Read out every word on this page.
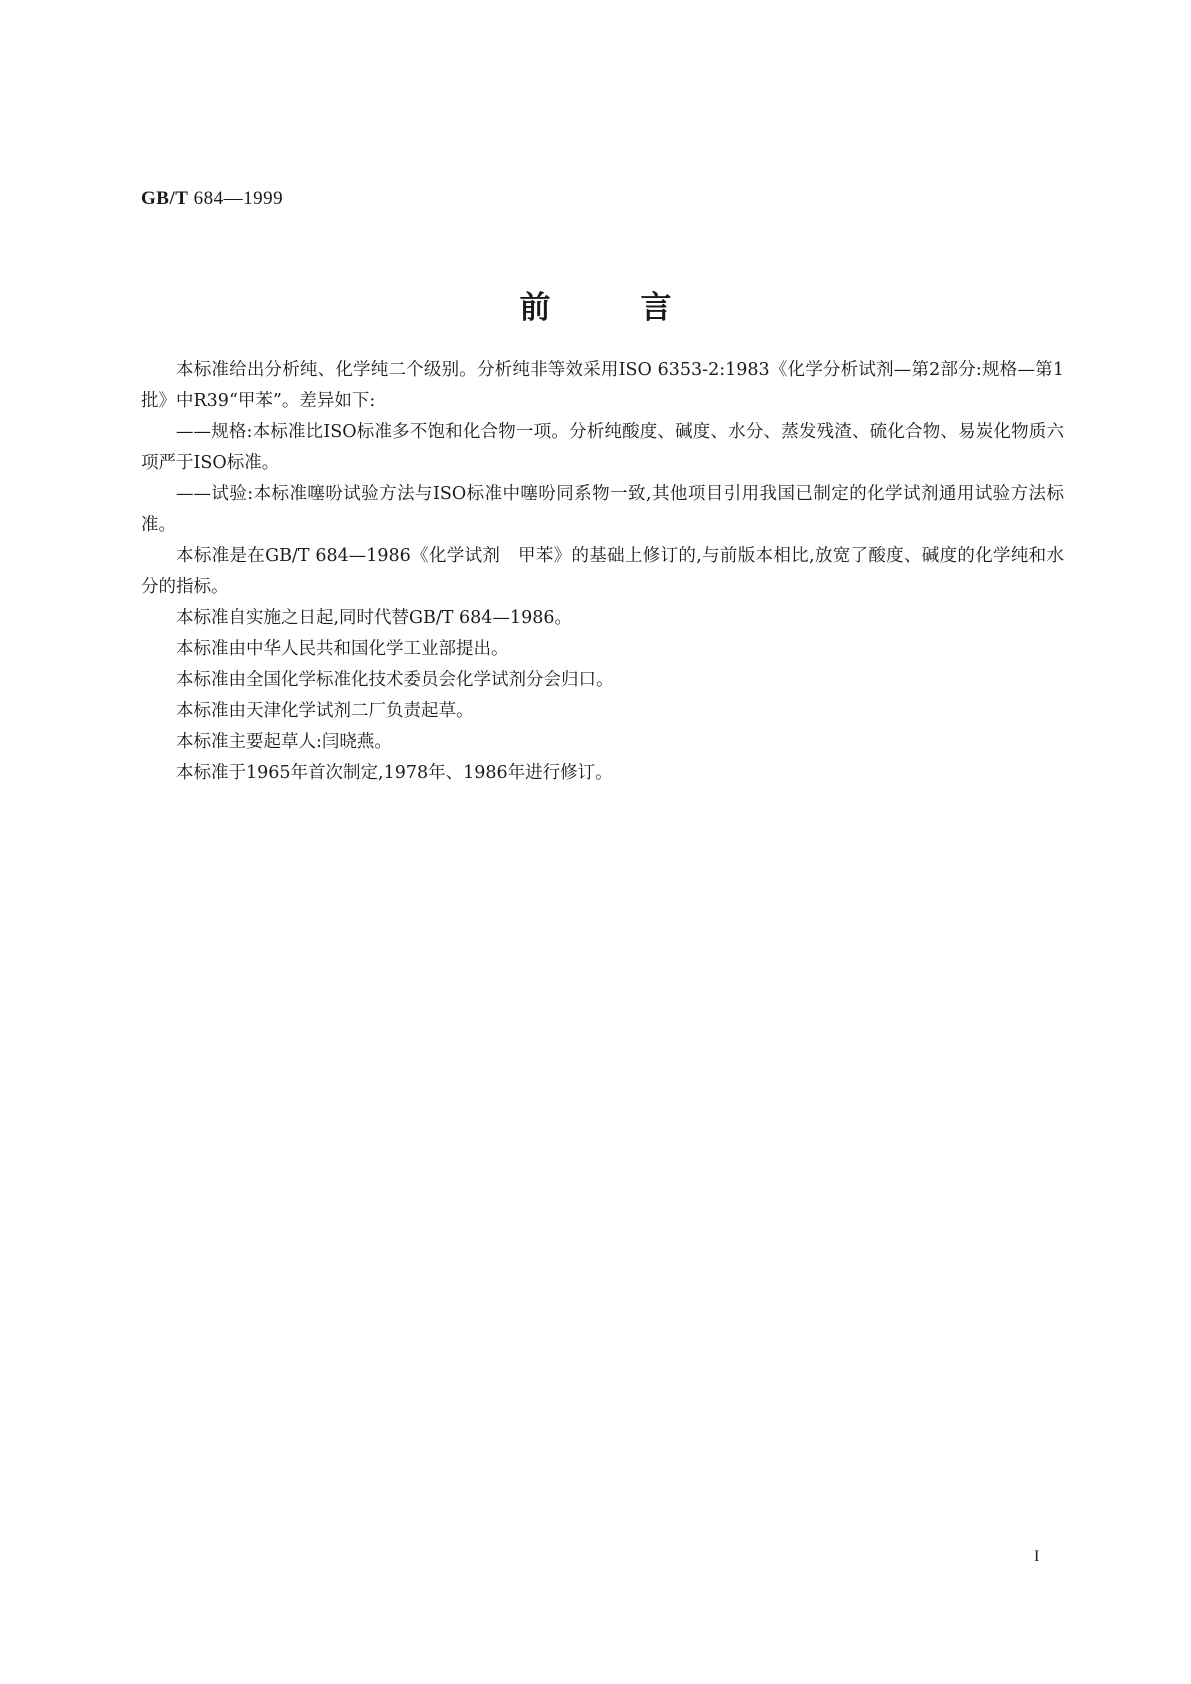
GB/T 684—1999
前	言

本标准给出分析纯、化学纯二个级别。分析纯非等效采用ISO 6353-2:1983《化学分析试剂—第2部分:规格—第1批》中R39“甲苯”。差异如下:

——规格:本标准比ISO标准多不饱和化合物一项。分析纯酸度、碱度、水分、蒸发残渣、硫化合物、易炭化物质六项严于ISO标准。

——试验:本标准噻吩试验方法与ISO标准中噻吩同系物一致,其他项目引用我国已制定的化学试剂通用试验方法标准。

本标准是在GB/T 684—1986《化学试剂　甲苯》的基础上修订的,与前版本相比,放宽了酸度、碱度的化学纯和水分的指标。

本标准自实施之日起,同时代替GB/T 684—1986。

本标准由中华人民共和国化学工业部提出。

本标准由全国化学标准化技术委员会化学试剂分会归口。

本标准由天津化学试剂二厂负责起草。

本标准主要起草人:闫晓燕。

本标准于1965年首次制定,1978年、1986年进行修订。

I
